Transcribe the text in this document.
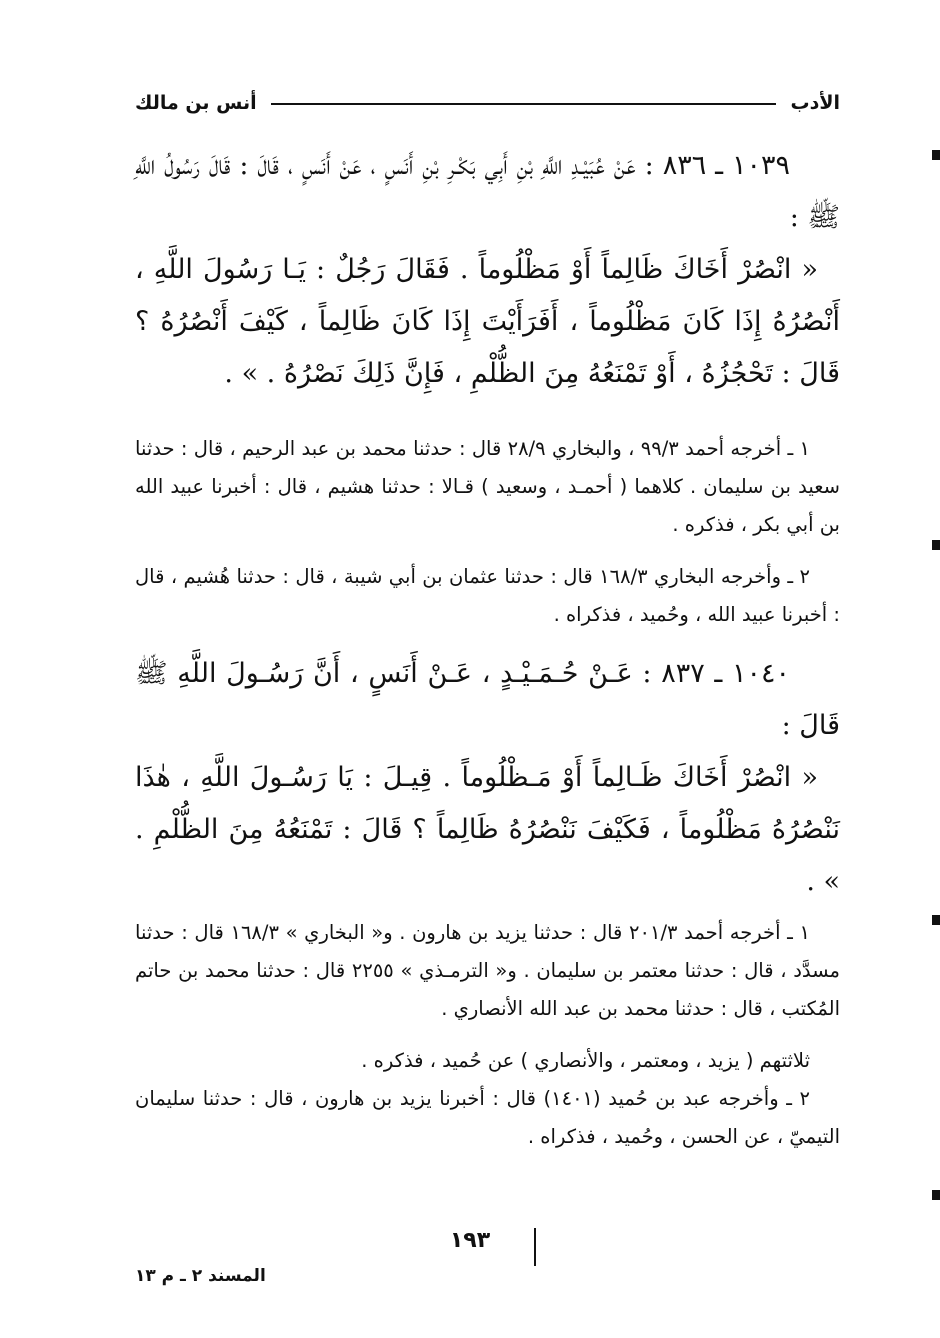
الأدب
أنس بن مالك

١٠٣٩ ـ ٨٣٦ : عَنْ عُبَيْـدِ اللَّهِ بْنِ أَبِي بَكْـرِ بْنِ أَنَسٍ ، عَنْ أَنَسٍ ، قَالَ : قَالَ رَسُولُ اللَّهِ ﷺ :

« انْصُرْ أَخَاكَ ظَالِماً أَوْ مَظْلُوماً . فَقَالَ رَجُلٌ : يَـا رَسُولَ اللَّهِ ، أَنْصُرُهُ إِذَا كَانَ مَظْلُوماً ، أَفَرَأَيْتَ إِذَا كَانَ ظَالِماً ، كَيْفَ أَنْصُرُهُ ؟ قَالَ : تَحْجُزُهُ ، أَوْ تَمْنَعُهُ مِنَ الظُّلْمِ ، فَإِنَّ ذَلِكَ نَصْرُهُ . » .

١ ـ أخرجه أحمد ٩٩/٣ ، والبخاري ٢٨/٩ قال : حدثنا محمد بن عبد الرحيم ، قال : حدثنا سعيد بن سليمان . كلاهما ( أحمـد ، وسعيد ) قـالا : حدثنا هشيم ، قال : أخبرنا عبيد الله بن أبي بكر ، فذكره .

٢ ـ وأخرجه البخاري ١٦٨/٣ قال : حدثنا عثمان بن أبي شيبة ، قال : حدثنا هُشيم ، قال : أخبرنا عبيد الله ، وحُميد ، فذكراه .

١٠٤٠ ـ ٨٣٧ : عَـنْ حُـمَـيْـدٍ ، عَـنْ أَنَسٍ ، أَنَّ رَسُـولَ اللَّهِ ﷺ قَالَ :

« انْصُرْ أَخَاكَ ظَـالِماً أَوْ مَـظْلُوماً . قِيـلَ : يَا رَسُـولَ اللَّهِ ، هٰذَا نَنْصُرُهُ مَظْلُوماً ، فَكَيْفَ نَنْصُرُهُ ظَالِماً ؟ قَالَ : تَمْنَعُهُ مِنَ الظُّلْمِ . » .

١ ـ أخرجه أحمد ٢٠١/٣ قال : حدثنا يزيد بن هارون . و« البخاري » ١٦٨/٣ قال : حدثنا مسدَّد ، قال : حدثنا معتمر بن سليمان . و« الترمـذي » ٢٢٥٥ قال : حدثنا محمد بن حاتم المُكتب ، قال : حدثنا محمد بن عبد الله الأنصاري .

ثلاثتهم ( يزيد ، ومعتمر ، والأنصاري ) عن حُميد ، فذكره .

٢ ـ وأخرجه عبد بن حُميد (١٤٠١) قال : أخبرنا يزيد بن هارون ، قال : حدثنا سليمان التيميّ ، عن الحسن ، وحُميد ، فذكراه .

١٩٣
المسند ٢ ـ م ١٣
